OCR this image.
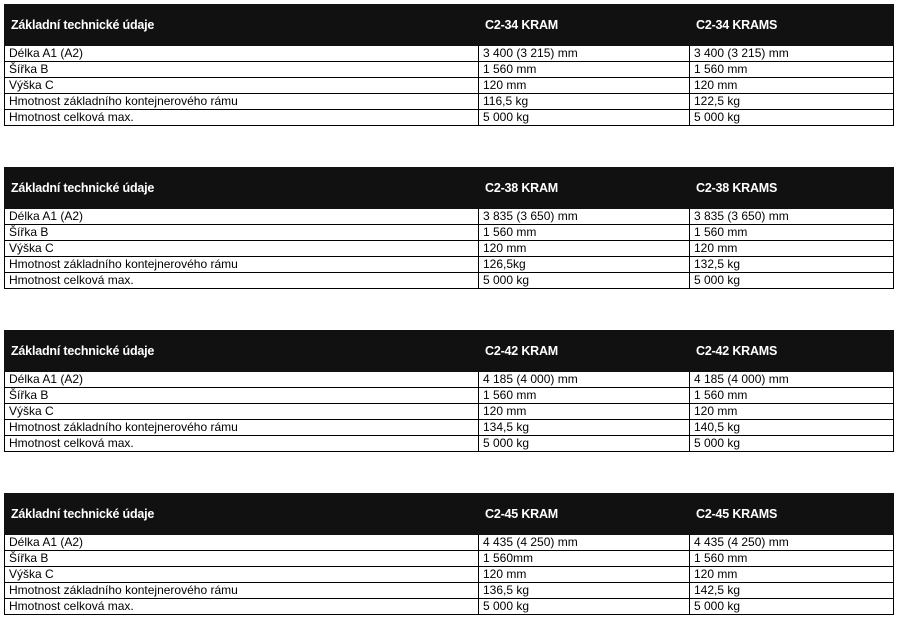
Základní technické údaje	C2-34 KRAM	C2-34 KRAMS
Délka A1 (A2)	3 400 (3 215) mm	3 400 (3 215) mm
Šířka B	1 560 mm	1 560 mm
Výška C	120 mm	120 mm
Hmotnost základního kontejnerového rámu	116,5 kg	122,5 kg
Hmotnost celková max.	5 000 kg	5 000 kg
Základní technické údaje	C2-38 KRAM	C2-38 KRAMS
Délka A1 (A2)	3 835 (3 650) mm	3 835 (3 650) mm
Šířka B	1 560 mm	1 560 mm
Výška C	120 mm	120 mm
Hmotnost základního kontejnerového rámu	126,5kg	132,5 kg
Hmotnost celková max.	5 000 kg	5 000 kg
Základní technické údaje	C2-42 KRAM	C2-42 KRAMS
Délka A1 (A2)	4 185 (4 000) mm	4 185 (4 000) mm
Šířka B	1 560 mm	1 560 mm
Výška C	120 mm	120 mm
Hmotnost základního kontejnerového rámu	134,5 kg	140,5 kg
Hmotnost celková max.	5 000 kg	5 000 kg
Základní technické údaje	C2-45 KRAM	C2-45 KRAMS
Délka A1 (A2)	4 435 (4 250) mm	4 435 (4 250) mm
Šířka B	1 560mm	1 560 mm
Výška C	120 mm	120 mm
Hmotnost základního kontejnerového rámu	136,5 kg	142,5 kg
Hmotnost celková max.	5 000 kg	5 000 kg
